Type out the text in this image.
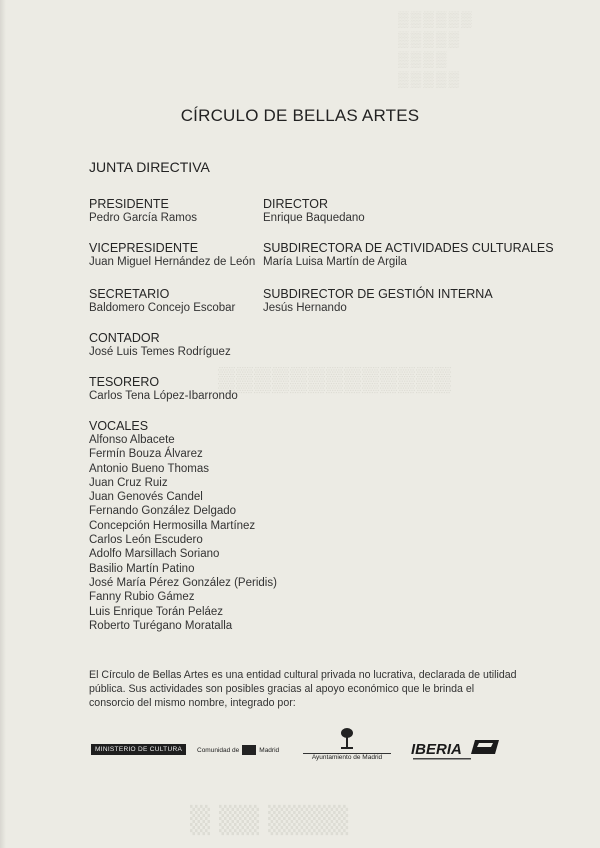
▒▒▒▒▒▒
▒▒▒▒▒
▒▒▒▒
▒▒▒▒▒
▒▒▒▒▒▒▒▒▒▒▒▒▒
CÍRCULO DE BELLAS ARTES
JUNTA DIRECTIVA
PRESIDENTE
Pedro García Ramos
DIRECTOR
Enrique Baquedano
VICEPRESIDENTE
Juan Miguel Hernández de León
SUBDIRECTORA DE ACTIVIDADES CULTURALES
María Luisa Martín de Argila
SECRETARIO
Baldomero Concejo Escobar
SUBDIRECTOR DE GESTIÓN INTERNA
Jesús Hernando
CONTADOR
José Luis Temes Rodríguez
TESORERO
Carlos Tena López-Ibarrondo
VOCALES
Alfonso Albacete
Fermín Bouza Álvarez
Antonio Bueno Thomas
Juan Cruz Ruiz
Juan Genovés Candel
Fernando González Delgado
Concepción Hermosilla Martínez
Carlos León Escudero
Adolfo Marsillach Soriano
Basilio Martín Patino
José María Pérez González (Peridis)
Fanny Rubio Gámez
Luis Enrique Torán Peláez
Roberto Turégano Moratalla
El Círculo de Bellas Artes es una entidad cultural privada no lucrativa, declarada de utilidad pública. Sus actividades son posibles gracias al apoyo económico que le brinda el consorcio del mismo nombre, integrado por:
MINISTERIO DE CULTURA	Comunidad de	Madrid
Ayuntamiento de Madrid	IBERIA
▒ ▒▒ ▒▒▒▒
